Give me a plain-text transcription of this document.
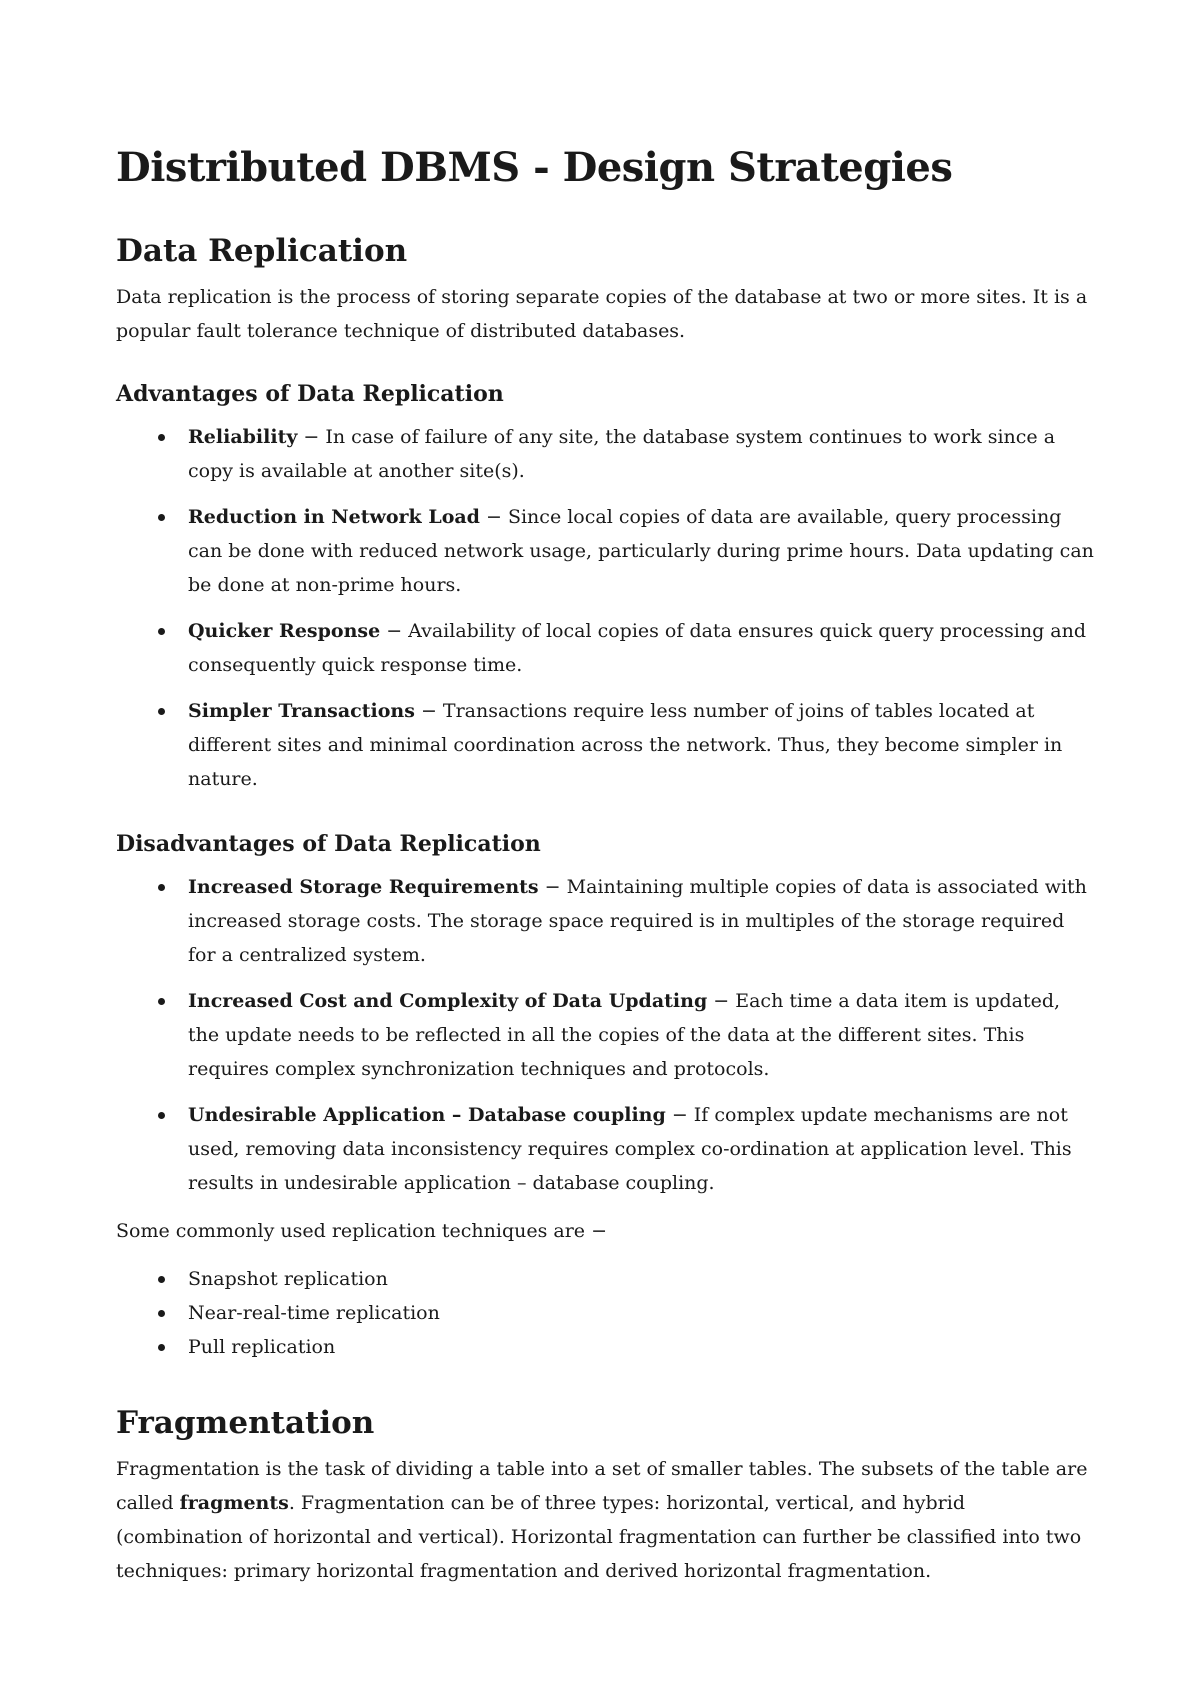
Distributed DBMS - Design Strategies
Data Replication

Data replication is the process of storing separate copies of the database at two or more sites. It is a popular fault tolerance technique of distributed databases.

Advantages of Data Replication
Reliability − In case of failure of any site, the database system continues to work since a copy is available at another site(s).
Reduction in Network Load − Since local copies of data are available, query processing can be done with reduced network usage, particularly during prime hours. Data updating can be done at non-prime hours.
Quicker Response − Availability of local copies of data ensures quick query processing and consequently quick response time.
Simpler Transactions − Transactions require less number of joins of tables located at different sites and minimal coordination across the network. Thus, they become simpler in nature.
Disadvantages of Data Replication
Increased Storage Requirements − Maintaining multiple copies of data is associated with increased storage costs. The storage space required is in multiples of the storage required for a centralized system.
Increased Cost and Complexity of Data Updating − Each time a data item is updated, the update needs to be reflected in all the copies of the data at the different sites. This requires complex synchronization techniques and protocols.
Undesirable Application – Database coupling − If complex update mechanisms are not used, removing data inconsistency requires complex co-ordination at application level. This results in undesirable application – database coupling.

Some commonly used replication techniques are −

Snapshot replication
Near-real-time replication
Pull replication
Fragmentation

Fragmentation is the task of dividing a table into a set of smaller tables. The subsets of the table are called fragments. Fragmentation can be of three types: horizontal, vertical, and hybrid (combination of horizontal and vertical). Horizontal fragmentation can further be classified into two techniques: primary horizontal fragmentation and derived horizontal fragmentation.
